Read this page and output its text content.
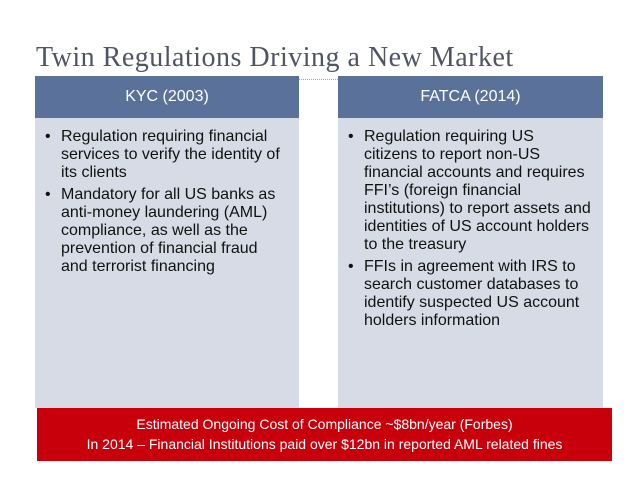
Twin Regulations Driving a New Market
KYC (2003)
• Regulation requiring financial services to verify the identity of its clients
• Mandatory for all US banks as anti-money laundering (AML) compliance, as well as the prevention of financial fraud and terrorist financing
FATCA (2014)
• Regulation requiring US citizens to report non-US financial accounts and requires FFI’s (foreign financial institutions) to report assets and identities of US account holders to the treasury
• FFIs in agreement with IRS to search customer databases to identify suspected US account holders information
Estimated Ongoing Cost of Compliance ~$8bn/year (Forbes)
In 2014 – Financial Institutions paid over $12bn in reported AML related fines
